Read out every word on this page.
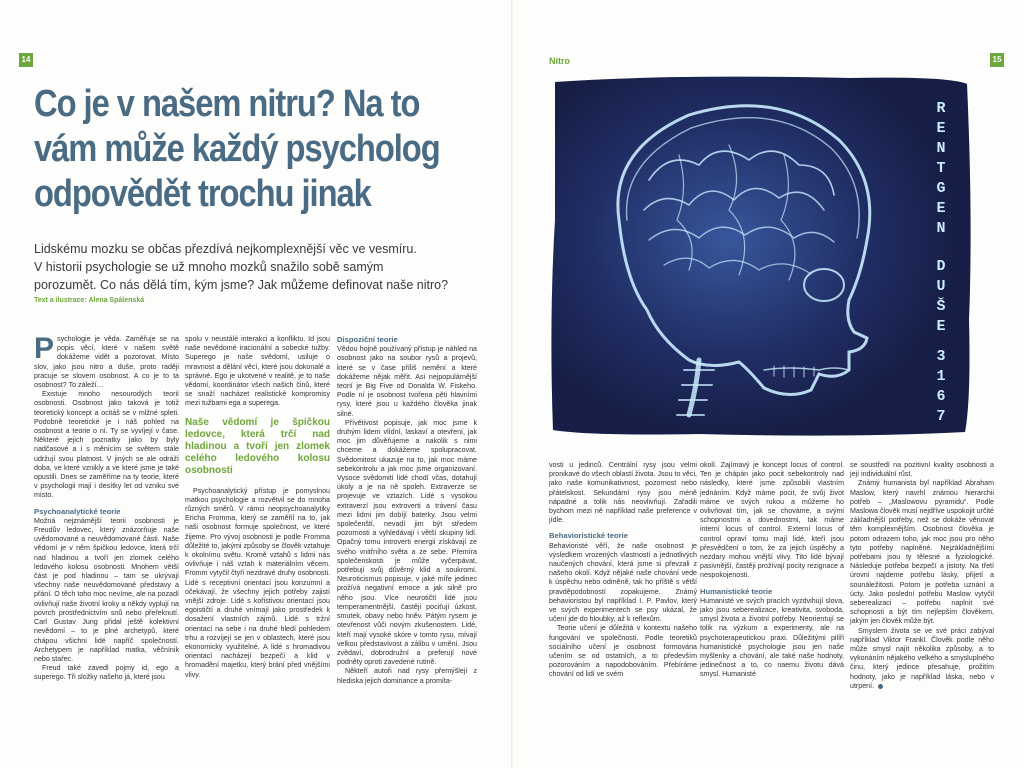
14	15
Nitro
Co je v našem nitru? Na to
vám může každý psycholog
odpovědět trochu jinak
Lidskému mozku se občas přezdívá nejkomplexnější věc ve vesmíru.
V historii psychologie se už mnoho mozků snažilo sobě samým
porozumět. Co nás dělá tím, kým jsme? Jak můžeme definovat naše nitro?
Text a ilustrace: Alena Spálenská

Psychologie je věda. Zaměřuje se na popis věcí, které v našem světě dokážeme vidět a pozorovat. Místo slov, jako jsou nitro a duše, proto raději pracuje se slovem osobnost. A co je to ta osobnost? To záleží…

Existuje mnoho nesourodých teorií osobnosti. Osobnost jako taková je totiž teoretický koncept a ocitáš se v mlžné spleti. Podobně teoretické je i náš pohled na osobnost a teorie o ní. Ty se vyvíjejí v čase. Některé jejich poznatky jako by byly nadčasové a i s měnícím se světem stále udržují svou platnost. V jiných se ale odráží doba, ve které vznikly a ve které jsme je také opustili. Dnes se zaměříme na ty teorie, které v psychologii mají i desítky let od vzniku své místo.

Psychoanalytické teorie

Možná nejznámější teorii osobnosti je Freudův ledovec, který znázorňuje naše uvědomované a neuvědomované části. Naše vědomí je v něm špičkou ledovce, která trčí nad hladinou a tvoří jen zlomek celého ledového kolosu osobnosti. Mnohem větší část je pod hladinou – tam se ukrývají všechny naše neuvědomované představy a přání. O těch toho moc nevíme, ale na pozadí ovlivňují naše životní kroky a někdy vyplují na povrch prostřednictvím snů nebo přeřeknutí. Carl Gustav Jung přidal ještě kolektivní nevědomí – to je plné archetypů, které chápou všichni lidé napříč společností. Archetypem je například matka, věčnínik nebo stařec.

Freud také zavedl pojmy id, ego a superego. Tři složky našeho já, které jsou

spolu v neustálé interakci a konfliktu. Id jsou naše nevědomé iracionální a sobecké tužby. Superego je naše svědomí, usiluje o mravnost a dělání věcí, které jsou dokonalé a správné. Ego je ukotvené v realitě, je to naše vědomí, koordinátor všech našich činů, které se snaží nacházet realistické kompromisy mezi tužbami ega a superega.

Naše vědomí je špičkou ledovce, která trčí nad hladinou a tvoří jen zlomek celého ledového kolosu osobnosti

Psychoanalytický přístup je pomyslnou matkou psychologie a rozvětvil se do mnoha různých směrů. V rámci neopsychoanalytiky Ericha Fromma, který se zaměřil na to, jak naši osobnost formuje společnost, ve které žijeme. Pro vývoj osobnosti je podle Fromma důležité to, jakými způsoby se člověk vztahuje k okolnímu světu. Kromě vztahů s lidmi nás ovlivňuje i náš vztah k materiálním věcem. Fromm vytyčil čtyři nezdravé druhy osobnosti. Lidé s receptivní orientací jsou konzumní a očekávají, že všechny jejich potřeby zajistí vnější zdroje. Lidé s kořistivou orientací jsou egoističtí a druhé vnímají jako prostředek k dosažení vlastních zájmů. Lidé s tržní orientací na sebe i na druhé hledí pohledem trhu a rozvíjejí se jen v oblastech, které jsou ekonomicky využitelné. A lidé s hromadivou orientací nacházejí bezpečí a klid v hromadění majetku, který brání před vnějšími vlivy.

Dispoziční teorie

Vědou hojně používaný přístup je náhled na osobnost jako na soubor rysů a projevů, které se v čase příliš nemění a které dokážeme nějak měřit. Asi nejpopulárnější teorií je Big Five od Donalda W. Fiskeho. Podle ní je osobnost tvořena pěti hlavními rysy, které jsou u každého člověka jinak silné.

Přívětivost popisuje, jak moc jsme k druhým lidem vlídní, laskaví a otevření, jak moc jim důvěřujeme a nakolik s nimi chceme a dokážeme spolupracovat. Svědomitost ukazuje na to, jak moc máme sebekontrolu a jak moc jsme organizovaní. Vysoce svědomití lidé chodí včas, dotahují úkoly a je na ně spoleh. Extraverze se projevuje ve vztazích. Lidé s vysokou extraverzí jsou extroverti a trávení času mezi lidmi jim dobíjí baterky. Jsou velmi společenští, nevadí jim být středem pozornosti a vyhledávají i větší skupiny lidí. Opačný tomu introverti energii získávají ze svého vnitřního světa a ze sebe. Přemíra společenskosti je může vyčerpávat, potřebují svůj důvěrný klid a soukromí. Neuroticismus popisuje, v jaké míře jedinec prožívá negativní emoce a jak silně pro něho jsou. Více neurotičtí lidé jsou temperamentnější, častěji pociťují úzkost, smutek, obavy nebo hněv. Pátým rysem je otevřenost vůči novým zkušenostem. Lidé, kteří mají vysoké skóre v tomto rysu, mívají velkou představivost a zálibu v umění. Jsou zvědaví, dobrodružní a preferují nové podněty oproti zavedené rutině.

Někteří autoři nad rysy přemýšlejí z hlediska jejich dominance a promíta-

R
E
N
T
G
E
N
D
U
Š
E
3
1
6
7

vosti u jedinců. Centrální rysy jsou velmi pronikavé do všech oblastí života. Jsou to věci, jako naše komunikativnost, pozornost nebo přátelskost. Sekundární rysy jsou méně nápadné a tolik nás neovlivňují. Zařadili bychom mezi ně například naše preference v jídle.

Behavioristické teorie

Behavioristé věří, že naše osobnost je výsledkem vrozených vlastností a jednotlivých naučených chování, která jsme si převzali z našeho okolí. Když nějaké naše chování vede k úspěchu nebo odměně, tak ho příště s větší pravděpodobností zopakujeme. Známý behavioristou byl například I. P. Pavlov, který ve svých experimentech se psy ukázal, že učení jde do hloubky, až k reflexům.

Teorie učení je důležitá v kontextu našeho fungování ve společnosti. Podle teoretiků sociálního učení je osobnost formována učením se od ostatních, a to především pozorováním a napodobováním. Přebíráme chování od lidí ve svém

okolí. Zajímavý je koncept locus of control. Ten je chápán jako pocit sebekontroly nad následky, které jsme způsobili vlastním jednáním. Když máme pocit, že svůj život máme ve svých rukou a můžeme ho ovlivňovat tím, jak se chováme, a svými schopnostmi a dovednostmi, tak máme interní locus of control. Externí locus of control opraví tomu mají lidé, kteří jsou přesvědčení o tom, že za jejich úspěchy a nezdary mohou vnější vlivy. Tito lidé bývají pasivnější, častěji prožívají pocity rezignace a nespokojenosti.

Humanistické teorie

Humanisté ve svých pracích vyzdvihují slova, jako jsou seberealizace, kreativita, svoboda, smysl života a životní potřeby. Neorientují se tolik na výzkum a experimenty, ale na psychoterapeutickou praxi. Důležitými pilíři humanistické psychologie jsou jen naše myšlenky a chování, ale také naše hodnoty, jedinečnost a to, co naemu životu dává smysl. Humanisté

se soustředí na pozitivní kvality osobnosti a její individuální růst.

Známý humanista byl například Abraham Maslow, který navrhl známou hierarchii potřeb – „Maslowovu pyramidu“. Podle Maslowa člověk musí nejdříve uspokojit určité základnější potřeby, než se dokáže věnovat těm komplexnějším. Osobnost člověka je potom odrazem toho, jak moc jsou pro něho tyto potřeby naplněné. Nejzákladnějšími potřebami jsou ty tělesné a fyziologické. Následuje potřeba bezpečí a jistoty. Na třetí úrovni najdeme potřebu lásky, přijetí a sounáležitosti. Potom je potřeba uznání a úcty. Jako poslední potřebu Maslow vytyčil seberealizaci – potřebu naplnit své schopnosti a být tím nejlepším člověkem, jakým jen člověk může být.

Smyslem života se ve své práci zabýval například Viktor Frankl. Člověk podle něho může smysl najít několika způsoby, a to vykonáním nějakého velkého a smysluplného činu, který jedince přesahuje, prožitím hodnoty, jako je například láska, nebo v utrpení.
